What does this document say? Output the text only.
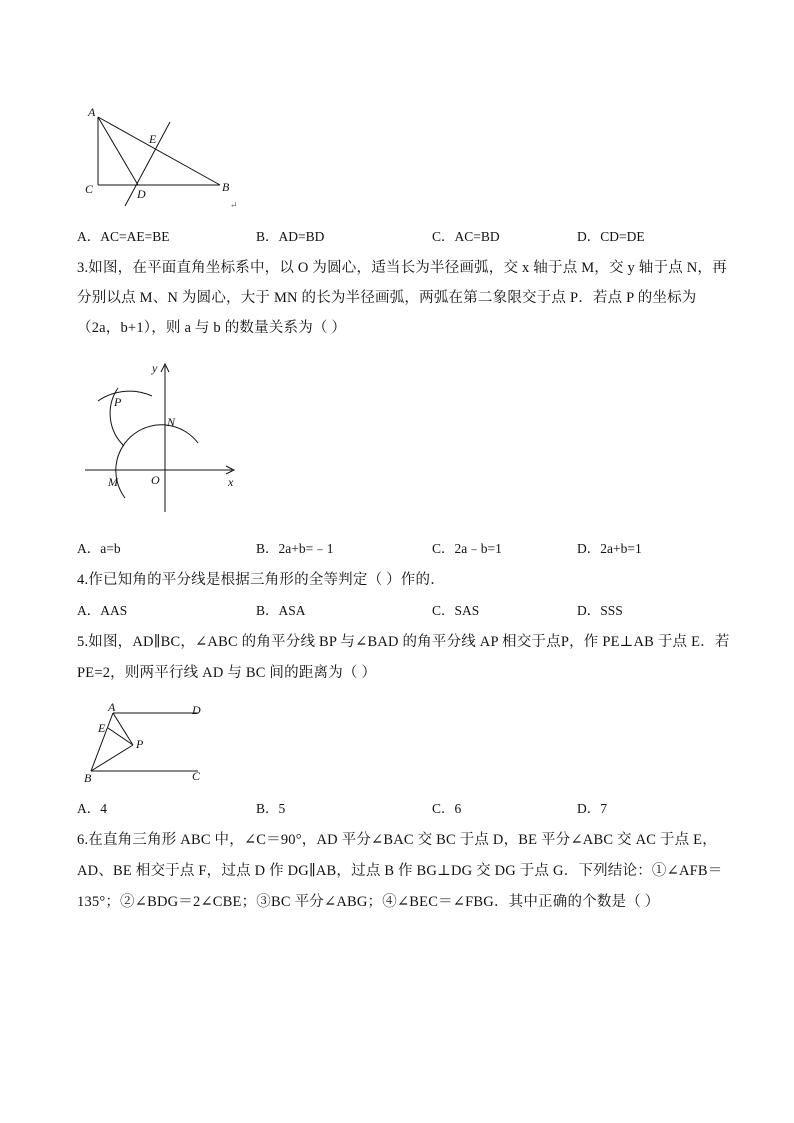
A
E
C	D	B
↵
A．AC=AE=BE	B．AD=BD	C．AC=BD	D．CD=DE
3.如图，在平面直角坐标系中，以 O 为圆心，适当长为半径画弧，交 x 轴于点 M，交 y 轴于点 N，再
分别以点 M、N 为圆心，大于 MN 的长为半径画弧，两弧在第二象限交于点 P．若点 P 的坐标为
（2a，b+1），则 a 与 b 的数量关系为（ ）
y
P
N
M	O	x
A．a=b	B．2a+b=﹣1	C．2a﹣b=1	D．2a+b=1
4.作已知角的平分线是根据三角形的全等判定（ ）作的．
A．AAS	B．ASA	C．SAS	D．SSS
5.如图，AD∥BC，∠ABC 的角平分线 BP 与∠BAD 的角平分线 AP 相交于点P，作 PE⊥AB 于点 E．若
PE=2，则两平行线 AD 与 BC 间的距离为（ ）
A	D
E
P
B	C
A．4	B．5	C．6	D．7
6.在直角三角形 ABC 中，∠C＝90°，AD 平分∠BAC 交 BC 于点 D，BE 平分∠ABC 交 AC 于点 E，
AD、BE 相交于点 F，过点 D 作 DG∥AB，过点 B 作 BG⊥DG 交 DG 于点 G．下列结论：①∠AFB＝
135°；②∠BDG＝2∠CBE；③BC 平分∠ABG；④∠BEC＝∠FBG．其中正确的个数是（ ）
